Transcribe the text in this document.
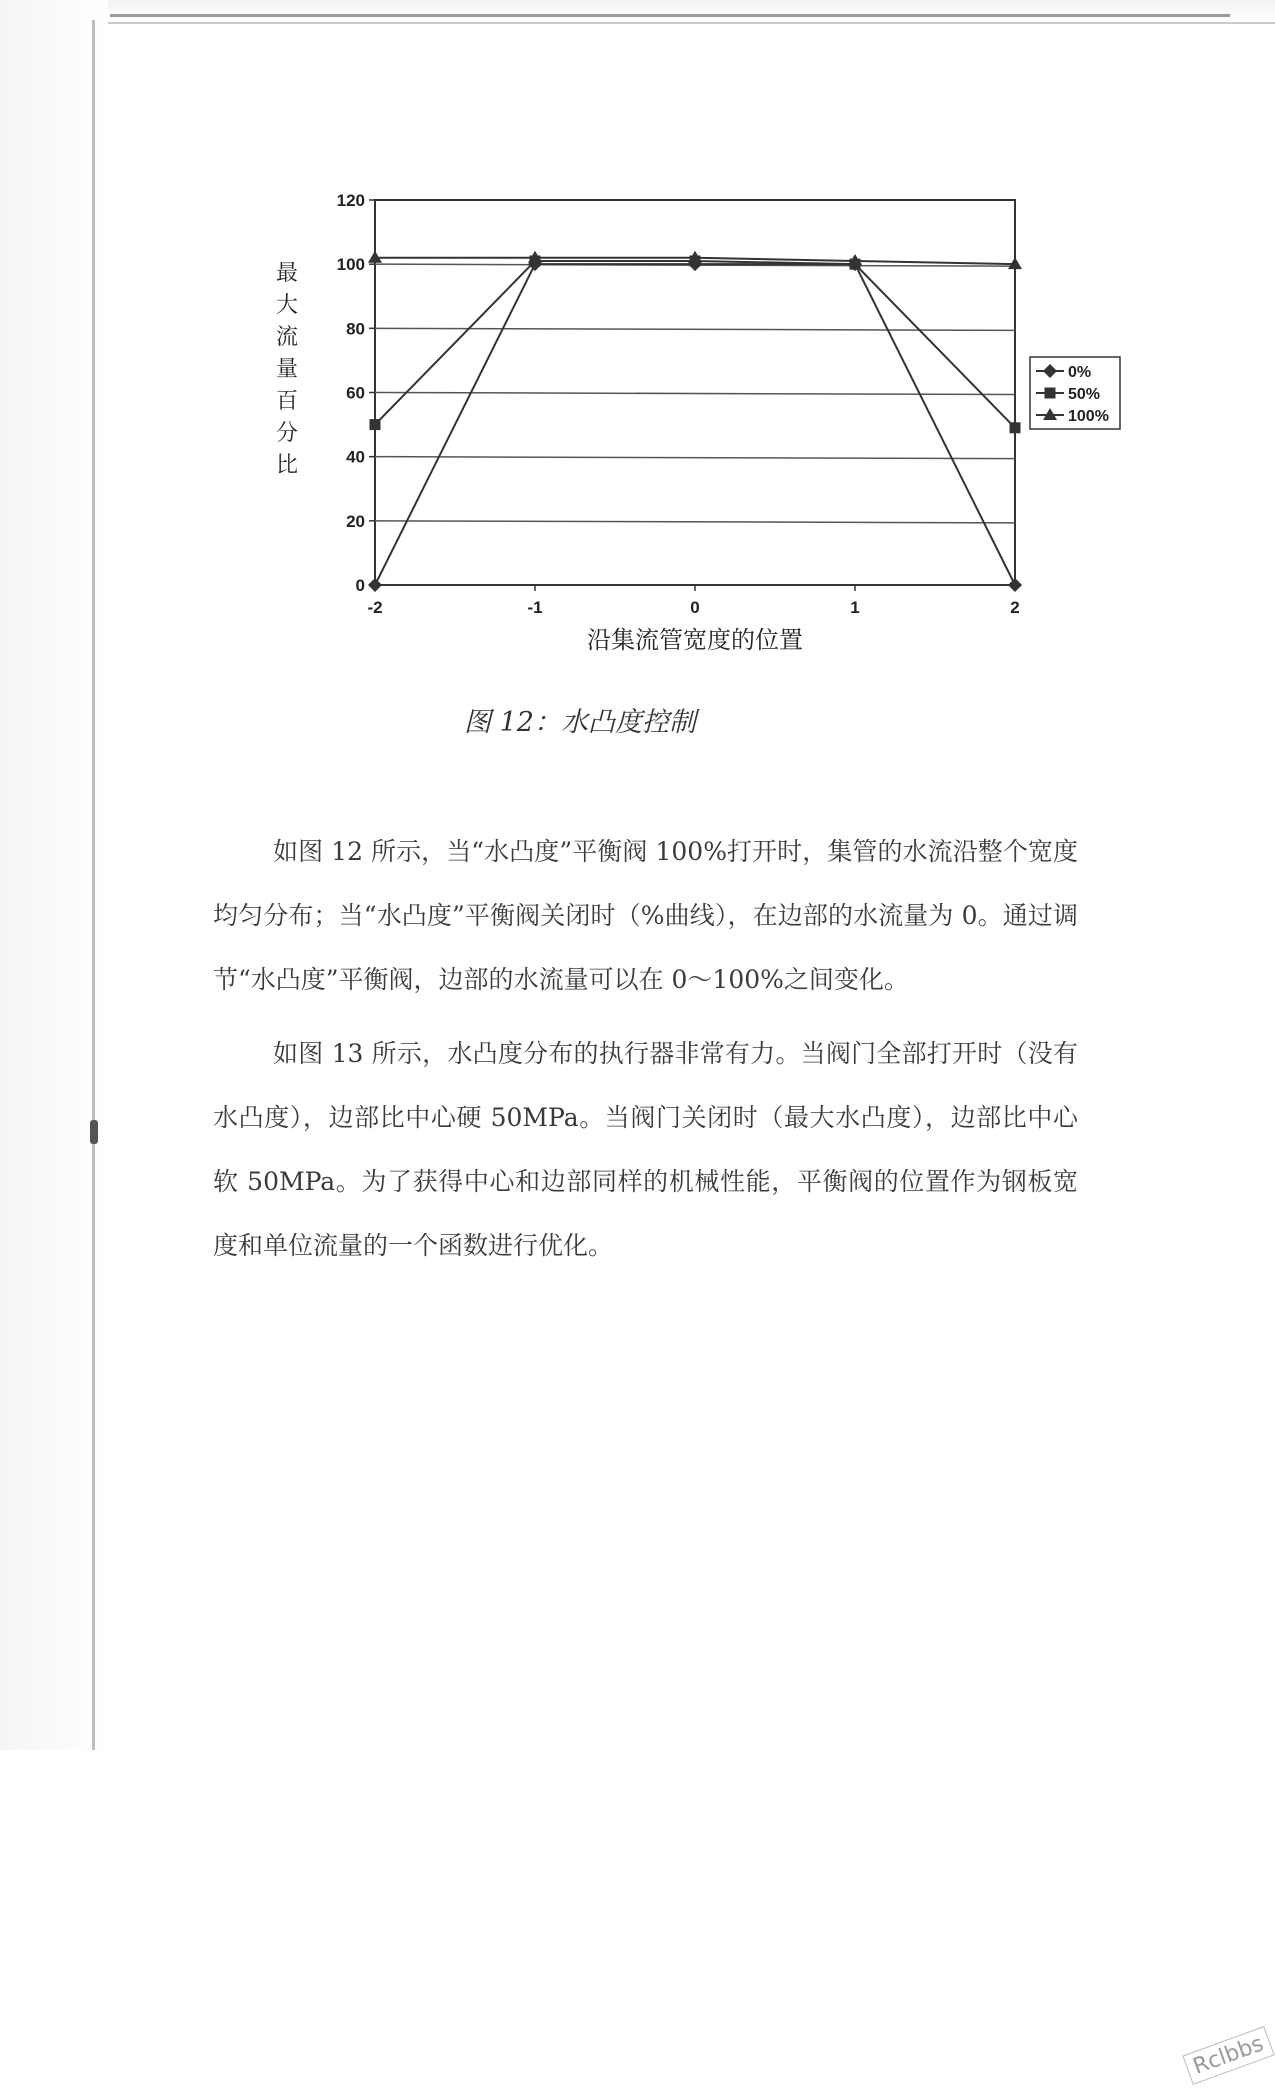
最
大
流
量
百
分
比
0
20
40
60
80
100
120
-2	-1	0	1	2
0%
50%
100%
沿集流管宽度的位置
图 12：水凸度控制

如图 12 所示，当“水凸度”平衡阀 100%打开时，集管的水流沿整个宽度均匀分布；当“水凸度”平衡阀关闭时（%曲线），在边部的水流量为 0。通过调节“水凸度”平衡阀，边部的水流量可以在 0～100%之间变化。

如图 13 所示，水凸度分布的执行器非常有力。当阀门全部打开时（没有水凸度），边部比中心硬 50MPa。当阀门关闭时（最大水凸度），边部比中心软 50MPa。为了获得中心和边部同样的机械性能，平衡阀的位置作为钢板宽度和单位流量的一个函数进行优化。

Rclbbs
